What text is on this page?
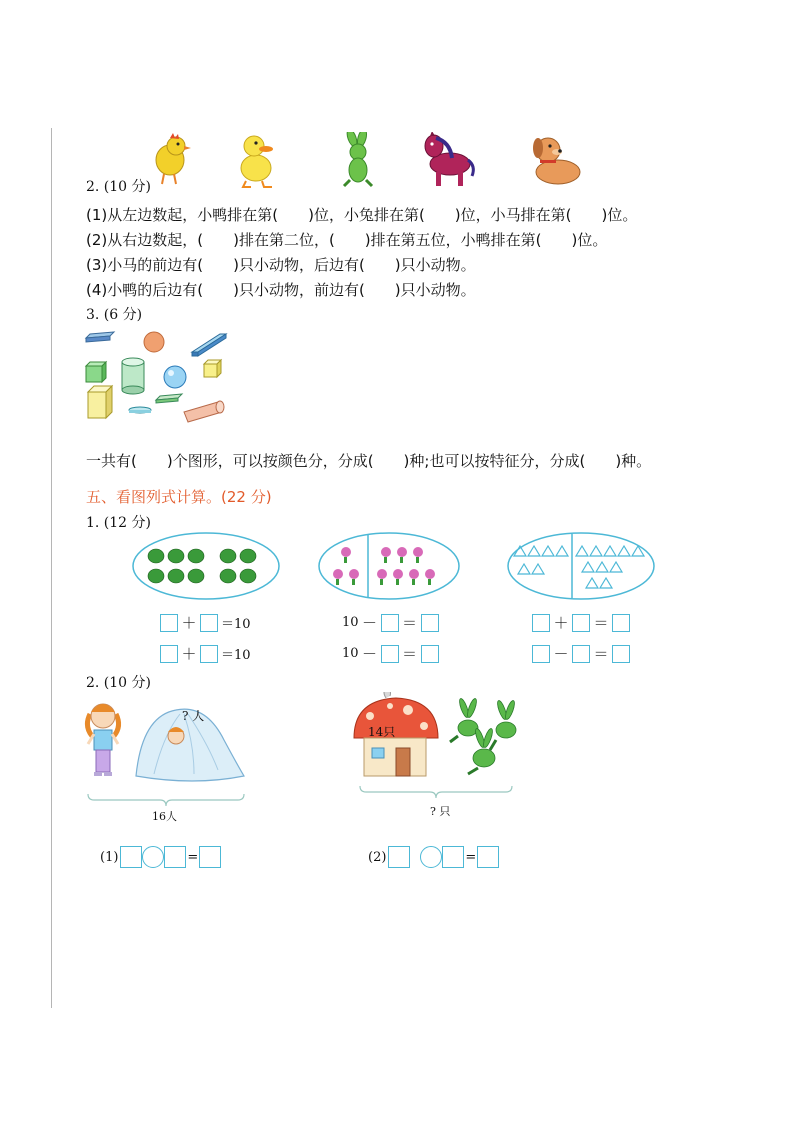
2. (10 分)
(1)从左边数起，小鸭排在第(　　)位，小兔排在第(　　)位，小马排在第(　　)位。
(2)从右边数起，(　　)排在第二位，(　　)排在第五位，小鸭排在第(　　)位。
(3)小马的前边有(　　)只小动物，后边有(　　)只小动物。
(4)小鸭的后边有(　　)只小动物，前边有(　　)只小动物。
3. (6 分)
一共有(　　)个图形，可以按颜色分，分成(　　)种;也可以按特征分，分成(　　)种。
五、看图列式计算。(22 分)
1. (12 分)
＋ ＝10
＋ ＝10
10 － ＝
10 － ＝
＋ ＝
－ ＝
2. (10 分)
? 人
16人
14只
? 只
(1)	=	(2)	=
